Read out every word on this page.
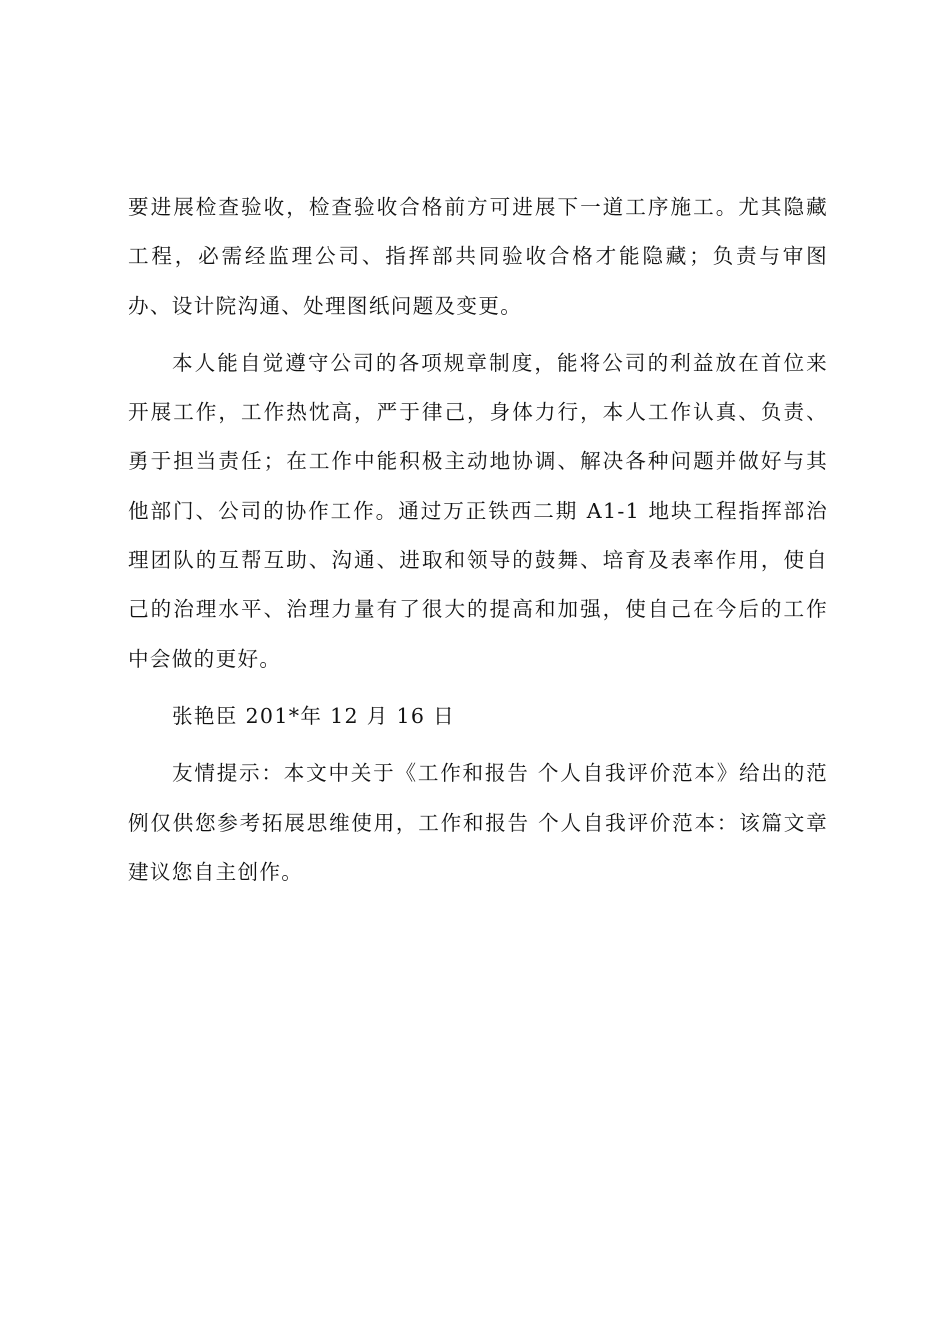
要进展检查验收，检查验收合格前方可进展下一道工序施工。尤其隐藏工程，必需经监理公司、指挥部共同验收合格才能隐藏；负责与审图办、设计院沟通、处理图纸问题及变更。

本人能自觉遵守公司的各项规章制度，能将公司的利益放在首位来开展工作，工作热忱高，严于律己，身体力行，本人工作认真、负责、勇于担当责任；在工作中能积极主动地协调、解决各种问题并做好与其他部门、公司的协作工作。通过万正铁西二期 A1-1 地块工程指挥部治理团队的互帮互助、沟通、进取和领导的鼓舞、培育及表率作用，使自己的治理水平、治理力量有了很大的提高和加强，使自己在今后的工作中会做的更好。

张艳臣 201*年 12 月 16 日

友情提示：本文中关于《工作和报告 个人自我评价范本》给出的范例仅供您参考拓展思维使用，工作和报告 个人自我评价范本：该篇文章建议您自主创作。
